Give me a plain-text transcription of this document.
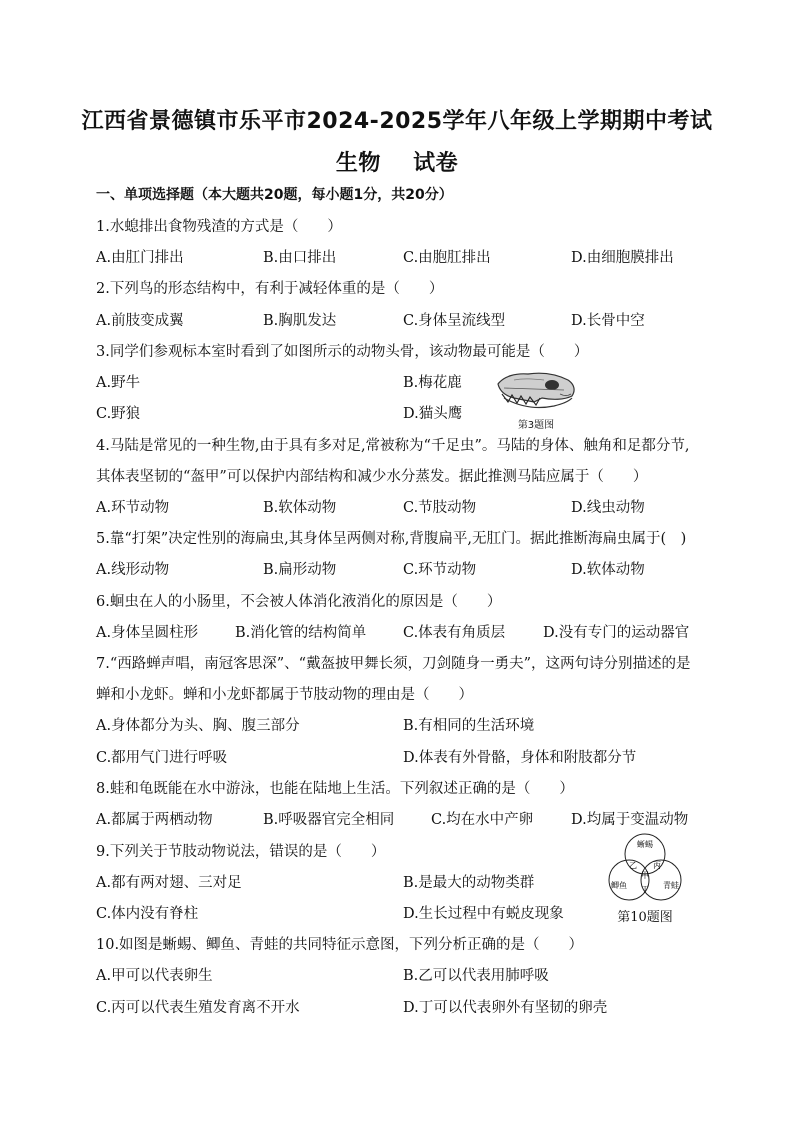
江西省景德镇市乐平市2024-2025学年八年级上学期期中考试
生物 试卷
一、单项选择题（本大题共20题，每小题1分，共20分）
1.水螅排出食物残渣的方式是（　　）
A.由肛门排出	B.由口排出	C.由胞肛排出	D.由细胞膜排出
2.下列鸟的形态结构中，有利于减轻体重的是（　　）
A.前肢变成翼	B.胸肌发达	C.身体呈流线型	D.长骨中空
3.同学们参观标本室时看到了如图所示的动物头骨，该动物最可能是（　　）
A.野牛	B.梅花鹿
C.野狼	D.猫头鹰
第3题图
4.马陆是常见的一种生物,由于具有多对足,常被称为“千足虫”。马陆的身体、触角和足都分节,
其体表坚韧的“盔甲”可以保护内部结构和减少水分蒸发。据此推测马陆应属于（　　）
A.环节动物	B.软体动物	C.节肢动物	D.线虫动物
5.靠“打架”决定性别的海扁虫,其身体呈两侧对称,背腹扁平,无肛门。据此推断海扁虫属于(　)
A.线形动物	B.扁形动物	C.环节动物	D.软体动物
6.蛔虫在人的小肠里，不会被人体消化液消化的原因是（　　）
A.身体呈圆柱形	B.消化管的结构简单	C.体表有角质层	D.没有专门的运动器官
7.“西路蝉声唱，南冠客思深”、“戴盔披甲舞长须，刀剑随身一勇夫”，这两句诗分别描述的是
蝉和小龙虾。蝉和小龙虾都属于节肢动物的理由是（　　）
A.身体都分为头、胸、腹三部分	B.有相同的生活环境
C.都用气门进行呼吸	D.体表有外骨骼，身体和附肢都分节
8.蛙和龟既能在水中游泳，也能在陆地上生活。下列叙述正确的是（　　）
A.都属于两栖动物	B.呼吸器官完全相同	C.均在水中产卵	D.均属于变温动物
9.下列关于节肢动物说法，错误的是（　　）
A.都有两对翅、三对足	B.是最大的动物类群
C.体内没有脊柱	D.生长过程中有蜕皮现象
蜥蜴
鲫鱼	青蛙
乙 丙
甲
丁
第10题图
10.如图是蜥蜴、鲫鱼、青蛙的共同特征示意图，下列分析正确的是（　　）
A.甲可以代表卵生	B.乙可以代表用肺呼吸
C.丙可以代表生殖发育离不开水	D.丁可以代表卵外有坚韧的卵壳
